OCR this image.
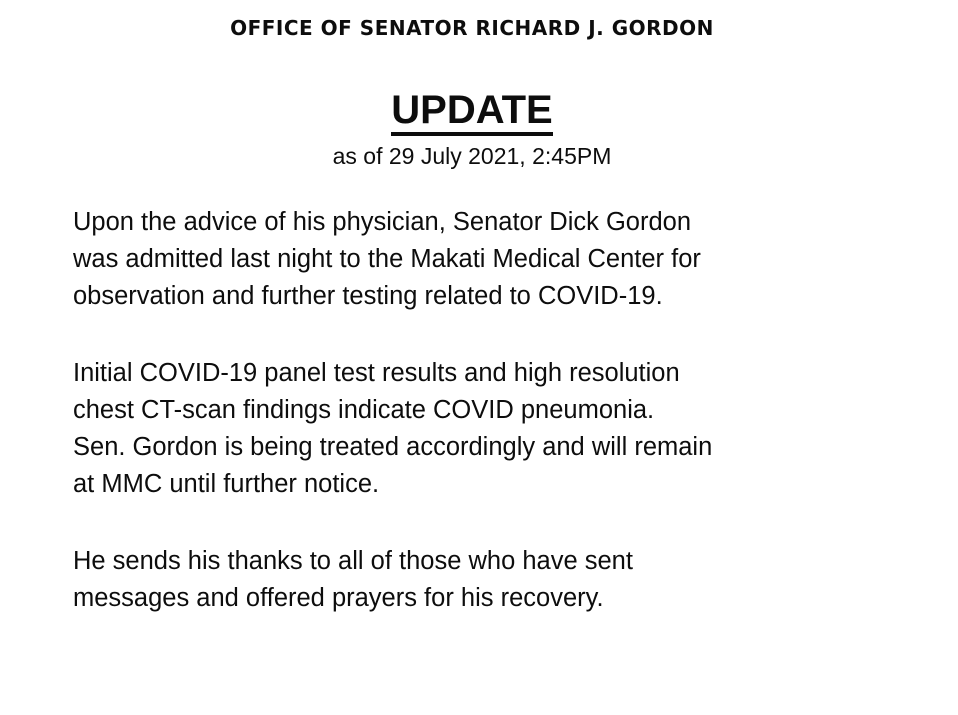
OFFICE OF SENATOR RICHARD J. GORDON
UPDATE
as of 29 July 2021, 2:45PM

Upon the advice of his physician, Senator Dick Gordon
was admitted last night to the Makati Medical Center for
observation and further testing related to COVID-19.

Initial COVID-19 panel test results and high resolution
chest CT-scan findings indicate COVID pneumonia.
Sen. Gordon is being treated accordingly and will remain
at MMC until further notice.

He sends his thanks to all of those who have sent
messages and offered prayers for his recovery.
